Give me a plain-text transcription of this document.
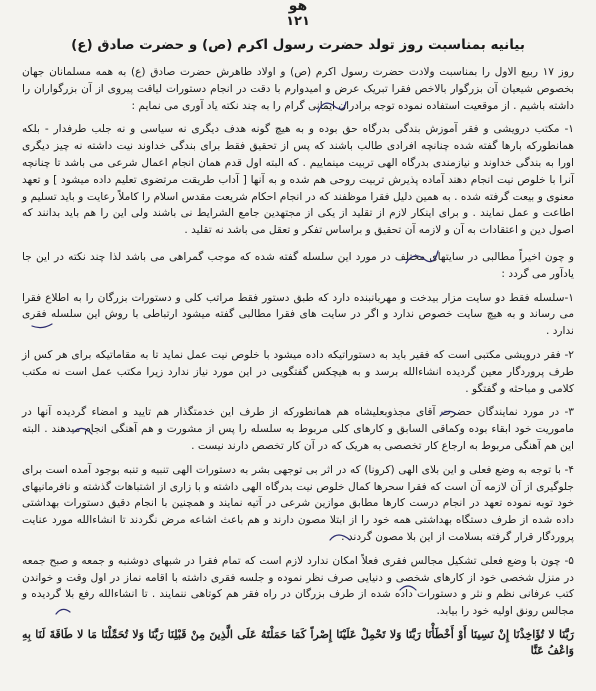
هو
۱۲۱
بیانیه بمناسبت روز تولد حضرت رسول اکرم (ص) و حضرت صادق (ع)

روز ۱۷ ربیع الاول را بمناسبت ولادت حضرت رسول اکرم (ص) و اولاد طاهرش حضرت صادق (ع) به همه مسلمانان جهان بخصوص شیعیان آن بزرگوار بالاخص فقرا تبریک عرض و امیدوارم با دقت در انجام دستورات لیاقت پیروی از آن بزرگواران را داشته باشیم . از موقعیت استفاده نموده توجه برادران ایمانی گرام را به چند نکته یاد آوری می نمایم :

۱- مکتب درویشی و فقر آموزش بندگی بدرگاه حق بوده و به هیچ گونه هدف دیگری نه سیاسی و نه جلب طرفدار - بلکه همانطورکه بارها گفته شده چنانچه افرادی طالب باشند که پس از تحقیق فقط برای بندگی خداوند نیت داشته نه چیز دیگری اورا به بندگی خداوند و نیازمندی بدرگاه الهی تربیت مینماییم . که البته اول قدم همان انجام اعمال شرعی می باشد تا چنانچه آنرا با خلوص نیت انجام دهند آماده پذیرش تربیت روحی هم شده و به آنها [ آداب طریقت مرتضوی تعلیم داده میشود ] و تعهد معنوی و بیعت گرفته شده . به همین دلیل فقرا موظفند که در انجام احکام شریعت مقدس اسلام را کاملاً رعایت و باید تسلیم و اطاعت و عمل نمایند . و برای اینکار لازم از تقلید از یکی از مجتهدین جامع الشرایط نی باشند ولی این را هم باید بدانند که اصول دین و اعتقادات به آن و لازمه آن تحقیق و براساس تفکر و تعقل می باشد نه تقلید .

و چون اخیراً مطالبی در سایتهای مختلف در مورد این سلسله گفته شده که موجب گمراهی می باشد لذا چند نکته در این جا یادآور می گردد :

۱-سلسله فقط دو سایت مزار بیدخت و مهربانبنده دارد که طبق دستور فقط مراتب کلی و دستورات بزرگان را به اطلاع فقرا می رساند و به هیچ سایت خصوص ندارد و اگر در سایت های فقرا مطالبی گفته میشود ارتباطی با روش این سلسله فقری ندارد .

۲- فقر درویشی مکتبی است که فقیر باید به دستوراتیکه داده میشود با خلوص نیت عمل نماید تا به مقاماتیکه برای هر کس از طرف پروردگار معین گردیده انشاءالله برسد و به هیچکس گفتگویی در این مورد نیاز ندارد زیرا مکتب عمل است نه مکتب کلامی و مباحثه و گفتگو .

۳- در مورد نمایندگان حضرت آقای مجذوبعلیشاه هم همانطورکه از طرف این خدمتگذار هم تایید و امضاء گردیده آنها در ماموریت خود ابقاء بوده وکماقی السابق و کارهای کلی مربوط به سلسله را پس از مشورت و هم آهنگی انجام میدهند . البته این هم آهنگی مربوط به ارجاع کار تخصصی به هریک که در آن کار تخصص دارند نیست .

۴- با توجه به وضع فعلی و این بلای الهی (کرونا) که در اثر بی توجهی بشر به دستورات الهی تنبیه و تنبه بوجود آمده است برای جلوگیری از آن لازمه آن است که فقرا سحرها کمال خلوص نیت بدرگاه الهی داشته و با زاری از اشتباهات گذشته و نافرمانیهای خود توبه نموده تعهد در انجام درست کارها مطابق موازین شرعی در آتیه نمایند و همچنین با انجام دقیق دستورات بهداشتی داده شده از طرف دستگاه بهداشتی همه خود را از ابتلا مصون دارند و هم باعث اشاعه مرض نگردند تا انشاءالله مورد عنایت پروردگار قرار گرفته بسلامت از این بلا مصون گردند .

۵- چون با وضع فعلی تشکیل مجالس فقری فعلاً امکان ندارد لازم است که تمام فقرا در شبهای دوشنبه و جمعه و صبح جمعه در منزل شخصی خود از کارهای شخصی و دنیایی صرف نظر نموده و جلسه فقری داشته با اقامه نماز در اول وقت و خواندن کتب عرفانی نظم و نثر و دستورات داده شده از طرف بزرگان در راه فقر هم کوتاهی ننمایند . تا انشاءالله رفع بلا گردیده و مجالس رونق اولیه خود را بیابد.

رَبَّنَا لا تُؤَاخِذْنَا إِنْ نَسِينَا أَوْ أَخْطَأْنَا رَبَّنَا وَلا تَحْمِلْ عَلَيْنَا إِصْراً كَمَا حَمَلْتَهُ عَلَى الَّذِينَ مِنْ قَبْلِنَا رَبَّنَا وَلا تُحَمِّلْنَا مَا لا طَاقَةَ لَنَا بِهِ وَاعْفُ عَنَّا
